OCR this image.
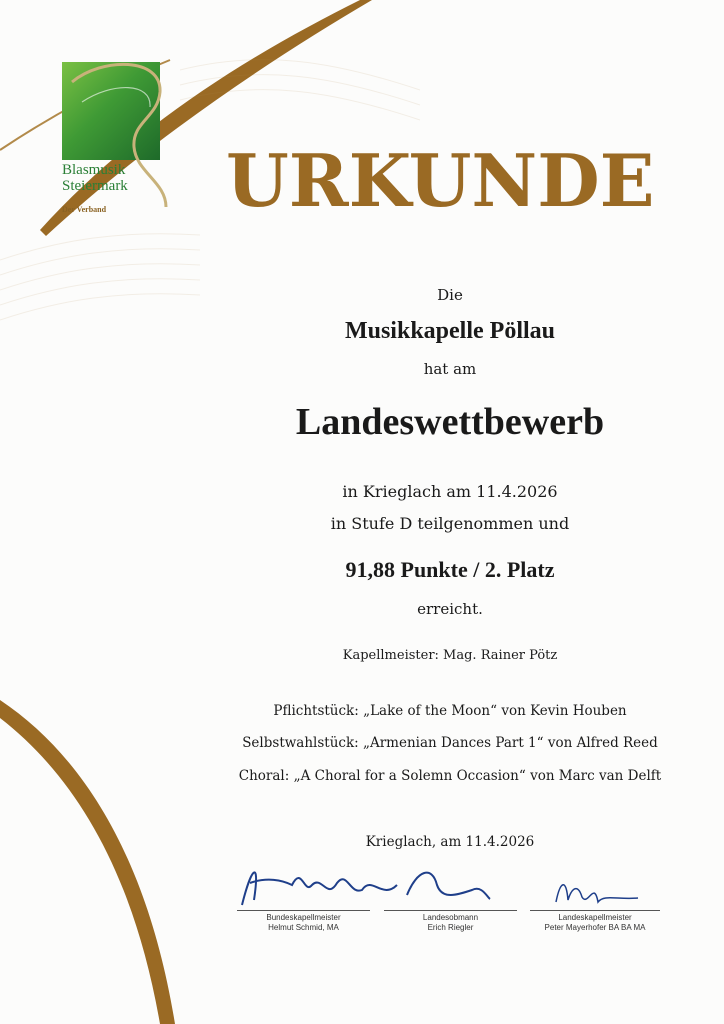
Blasmusik
Steiermark
Der Verband URKUNDE
Die
Musikkapelle Pöllau
hat am
Landeswettbewerb
in Krieglach am 11.4.2026
in Stufe D teilgenommen und
91,88 Punkte / 2. Platz
erreicht.
Kapellmeister: Mag. Rainer Pötz
Pflichtstück: „Lake of the Moon“ von Kevin Houben
Selbstwahlstück: „Armenian Dances Part 1“ von Alfred Reed
Choral: „A Choral for a Solemn Occasion“ von Marc van Delft
Krieglach, am 11.4.2026
Bundeskapellmeister
Helmut Schmid, MA
Landesobmann
Erich Riegler
Landeskapellmeister
Peter Mayerhofer BA BA MA
